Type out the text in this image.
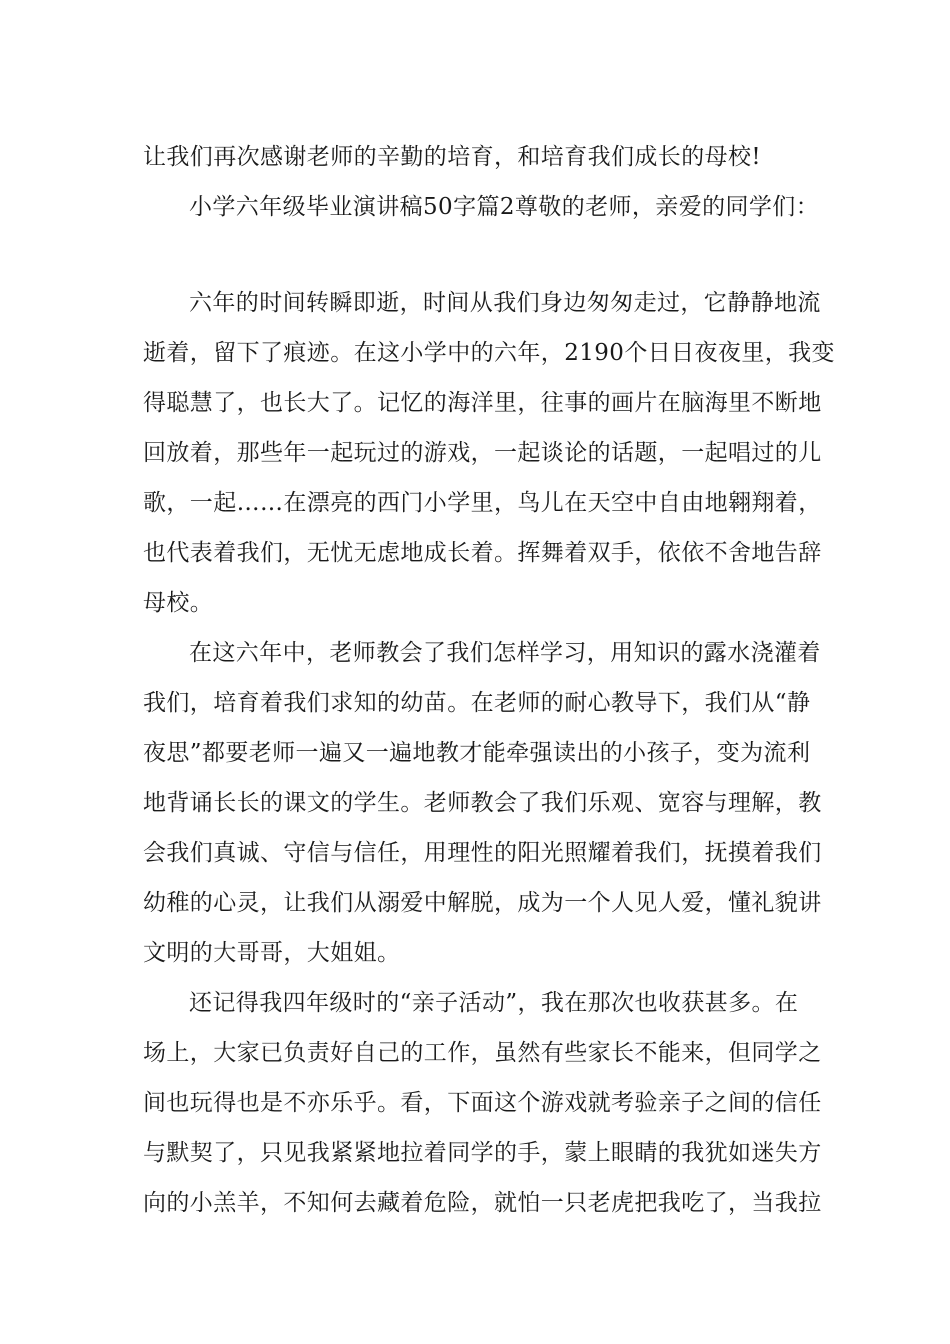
让我们再次感谢老师的辛勤的培育，和培育我们成长的母校!
小学六年级毕业演讲稿50字篇2尊敬的老师，亲爱的同学们：
六年的时间转瞬即逝，时间从我们身边匆匆走过，它静静地流
逝着，留下了痕迹。在这小学中的六年，2190个日日夜夜里，我变
得聪慧了，也长大了。记忆的海洋里，往事的画片在脑海里不断地
回放着，那些年一起玩过的游戏，一起谈论的话题，一起唱过的儿
歌，一起……在漂亮的西门小学里，鸟儿在天空中自由地翱翔着，
也代表着我们，无忧无虑地成长着。挥舞着双手，依依不舍地告辞
母校。
在这六年中，老师教会了我们怎样学习，用知识的露水浇灌着
我们，培育着我们求知的幼苗。在老师的耐心教导下，我们从“静
夜思”都要老师一遍又一遍地教才能牵强读出的小孩子，变为流利
地背诵长长的课文的学生。老师教会了我们乐观、宽容与理解，教
会我们真诚、守信与信任，用理性的阳光照耀着我们，抚摸着我们
幼稚的心灵，让我们从溺爱中解脱，成为一个人见人爱，懂礼貌讲
文明的大哥哥，大姐姐。
还记得我四年级时的“亲子活动”，我在那次也收获甚多。在
场上，大家已负责好自己的工作，虽然有些家长不能来，但同学之
间也玩得也是不亦乐乎。看，下面这个游戏就考验亲子之间的信任
与默契了，只见我紧紧地拉着同学的手，蒙上眼睛的我犹如迷失方
向的小羔羊，不知何去藏着危险，就怕一只老虎把我吃了，当我拉
